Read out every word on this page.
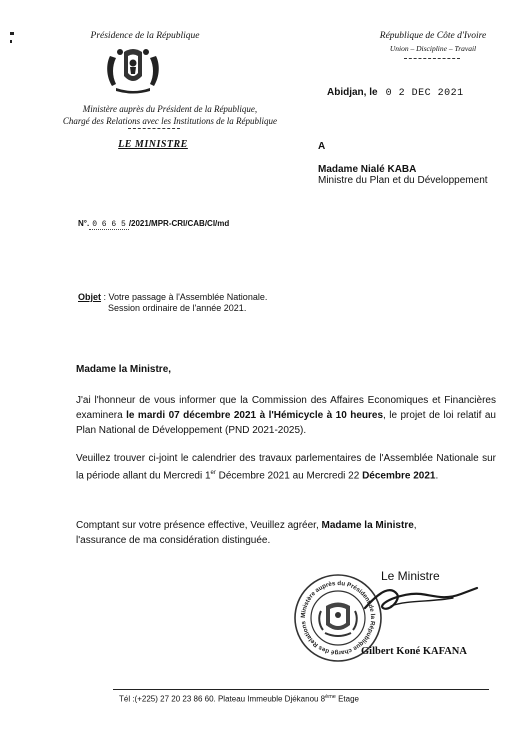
Présidence de la République
Ministère auprès du Président de la République,
Chargé des Relations avec les Institutions de la République
LE MINISTRE
République de Côte d'Ivoire
Union – Discipline – Travail
Abidjan, le 0 2 DEC 2021
A
Madame Nialé KABA
Ministre du Plan et du Développement
N°. 0 6 6 5 /2021/MPR-CRI/CAB/CI/md
Objet : Votre passage à l'Assemblée Nationale.
Session ordinaire de l'année 2021.
Madame la Ministre,
J'ai l'honneur de vous informer que la Commission des Affaires Economiques et Financières examinera le mardi 07 décembre 2021 à l'Hémicycle à 10 heures, le projet de loi relatif au Plan National de Développement (PND 2021-2025).
Veuillez trouver ci-joint le calendrier des travaux parlementaires de l'Assemblée Nationale sur la période allant du Mercredi 1er Décembre 2021 au Mercredi 22 Décembre 2021.
Comptant sur votre présence effective, Veuillez agréer, Madame la Ministre,
l'assurance de ma considération distinguée.
Ministère auprès du Président de la République chargé des Relations
Le Ministre
Gilbert Koné KAFANA
Tél :(+225) 27 20 23 86 60. Plateau Immeuble Djékanou 8ème Etage
